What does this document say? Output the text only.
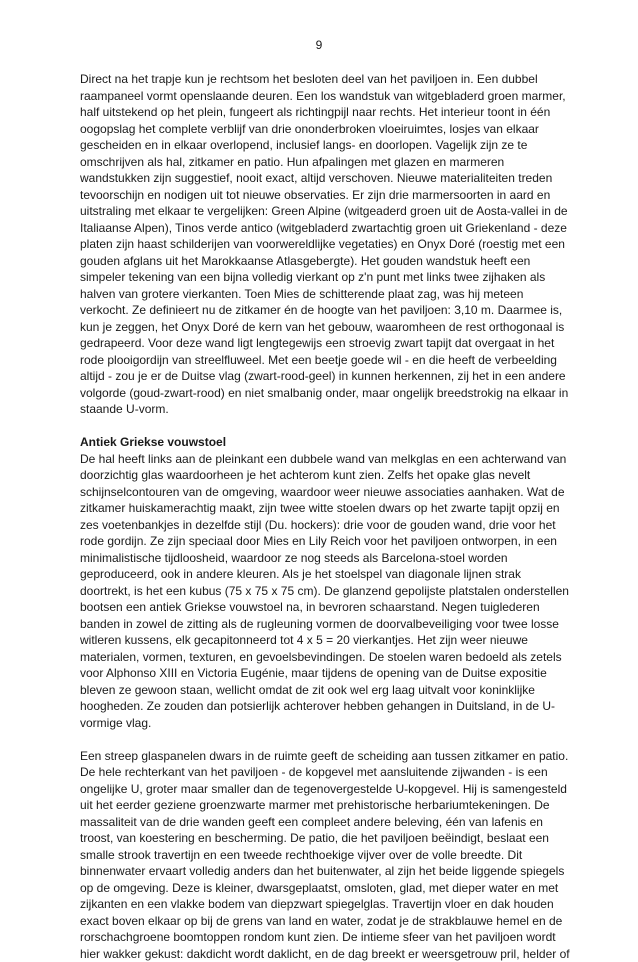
9
Direct na het trapje kun je rechtsom het besloten deel van het paviljoen in. Een dubbel
raampaneel vormt openslaande deuren. Een los wandstuk van witgebladerd groen marmer,
half uitstekend op het plein, fungeert als richtingpijl naar rechts. Het interieur toont in één
oogopslag het complete verblijf van drie ononderbroken vloeiruimtes, losjes van elkaar
gescheiden en in elkaar overlopend, inclusief langs- en doorlopen. Vagelijk zijn ze te
omschrijven als hal, zitkamer en patio. Hun afpalingen met glazen en marmeren
wandstukken zijn suggestief, nooit exact, altijd verschoven. Nieuwe materialiteiten treden
tevoorschijn en nodigen uit tot nieuwe observaties. Er zijn drie marmersoorten in aard en
uitstraling met elkaar te vergelijken: Green Alpine (witgeaderd groen uit de Aosta-vallei in de
Italiaanse Alpen), Tinos verde antico (witgebladerd zwartachtig groen uit Griekenland - deze
platen zijn haast schilderijen van voorwereldlijke vegetaties) en Onyx Doré (roestig met een
gouden afglans uit het Marokkaanse Atlasgebergte). Het gouden wandstuk heeft een
simpeler tekening van een bijna volledig vierkant op z'n punt met links twee zijhaken als
halven van grotere vierkanten. Toen Mies de schitterende plaat zag, was hij meteen
verkocht. Ze definieert nu de zitkamer én de hoogte van het paviljoen: 3,10 m. Daarmee is,
kun je zeggen, het Onyx Doré de kern van het gebouw, waaromheen de rest orthogonaal is
gedrapeerd. Voor deze wand ligt lengtegewijs een stroevig zwart tapijt dat overgaat in het
rode plooigordijn van streelfluweel. Met een beetje goede wil - en die heeft de verbeelding
altijd - zou je er de Duitse vlag (zwart-rood-geel) in kunnen herkennen, zij het in een andere
volgorde (goud-zwart-rood) en niet smalbanig onder, maar ongelijk breedstrokig na elkaar in
staande U-vorm.
Antiek Griekse vouwstoel
De hal heeft links aan de pleinkant een dubbele wand van melkglas en een achterwand van
doorzichtig glas waardoorheen je het achterom kunt zien. Zelfs het opake glas nevelt
schijnselcontouren van de omgeving, waardoor weer nieuwe associaties aanhaken. Wat de
zitkamer huiskamerachtig maakt, zijn twee witte stoelen dwars op het zwarte tapijt opzij en
zes voetenbankjes in dezelfde stijl (Du. hockers): drie voor de gouden wand, drie voor het
rode gordijn. Ze zijn speciaal door Mies en Lily Reich voor het paviljoen ontworpen, in een
minimalistische tijdloosheid, waardoor ze nog steeds als Barcelona-stoel worden
geproduceerd, ook in andere kleuren. Als je het stoelspel van diagonale lijnen strak
doortrekt, is het een kubus (75 x 75 x 75 cm). De glanzend gepolijste platstalen onderstellen
bootsen een antiek Griekse vouwstoel na, in bevroren schaarstand. Negen tuiglederen
banden in zowel de zitting als de rugleuning vormen de doorvalbeveiliging voor twee losse
witleren kussens, elk gecapitonneerd tot 4 x 5 = 20 vierkantjes. Het zijn weer nieuwe
materialen, vormen, texturen, en gevoelsbevindingen. De stoelen waren bedoeld als zetels
voor Alphonso XIII en Victoria Eugénie, maar tijdens de opening van de Duitse expositie
bleven ze gewoon staan, wellicht omdat de zit ook wel erg laag uitvalt voor koninklijke
hoogheden. Ze zouden dan potsierlijk achterover hebben gehangen in Duitsland, in de U-
vormige vlag.
Een streep glaspanelen dwars in de ruimte geeft de scheiding aan tussen zitkamer en patio.
De hele rechterkant van het paviljoen - de kopgevel met aansluitende zijwanden - is een
ongelijke U, groter maar smaller dan de tegenovergestelde U-kopgevel. Hij is samengesteld
uit het eerder geziene groenzwarte marmer met prehistorische herbariumtekeningen. De
massaliteit van de drie wanden geeft een compleet andere beleving, één van lafenis en
troost, van koestering en bescherming. De patio, die het paviljoen beëindigt, beslaat een
smalle strook travertijn en een tweede rechthoekige vijver over de volle breedte. Dit
binnenwater ervaart volledig anders dan het buitenwater, al zijn het beide liggende spiegels
op de omgeving. Deze is kleiner, dwarsgeplaatst, omsloten, glad, met dieper water en met
zijkanten en een vlakke bodem van diepzwart spiegelglas. Travertijn vloer en dak houden
exact boven elkaar op bij de grens van land en water, zodat je de strakblauwe hemel en de
rorschachgroene boomtoppen rondom kunt zien. De intieme sfeer van het paviljoen wordt
hier wakker gekust: dakdicht wordt daklicht, en de dag breekt er weersgetrouw pril, helder of
